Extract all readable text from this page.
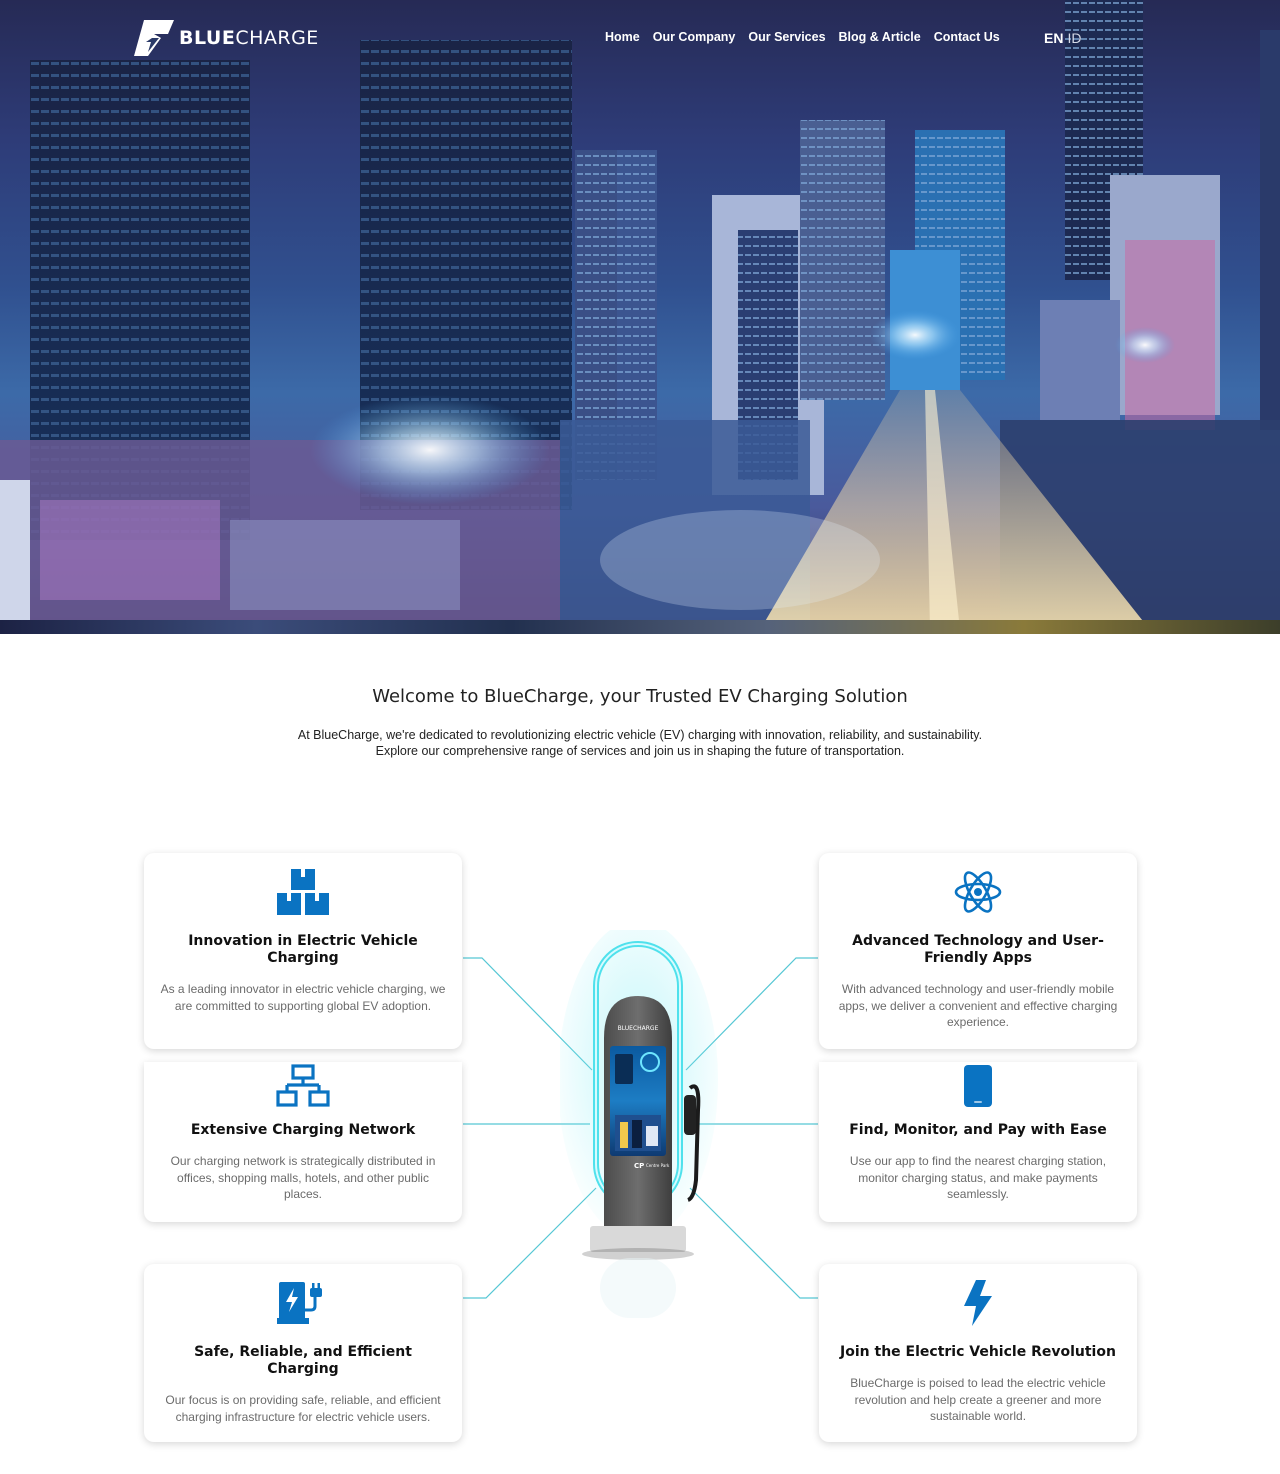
BLUECHARGE	Home Our Company Our Services Blog & Article Contact Us	EN ID
Welcome to BlueCharge, your Trusted EV Charging Solution
At BlueCharge, we're dedicated to revolutionizing electric vehicle (EV) charging with innovation, reliability, and sustainability.
Explore our comprehensive range of services and join us in shaping the future of transportation.
BLUECHARGE
CP Centre Park
Innovation in Electric Vehicle Charging

As a leading innovator in electric vehicle charging, we are committed to supporting global EV adoption.

Advanced Technology and User-Friendly Apps

With advanced technology and user-friendly mobile apps, we deliver a convenient and effective charging experience.

Extensive Charging Network

Our charging network is strategically distributed in offices, shopping malls, hotels, and other public places.

Find, Monitor, and Pay with Ease

Use our app to find the nearest charging station, monitor charging status, and make payments seamlessly.

Safe, Reliable, and Efficient Charging

Our focus is on providing safe, reliable, and efficient charging infrastructure for electric vehicle users.

Join the Electric Vehicle Revolution

BlueCharge is poised to lead the electric vehicle revolution and help create a greener and more sustainable world.
